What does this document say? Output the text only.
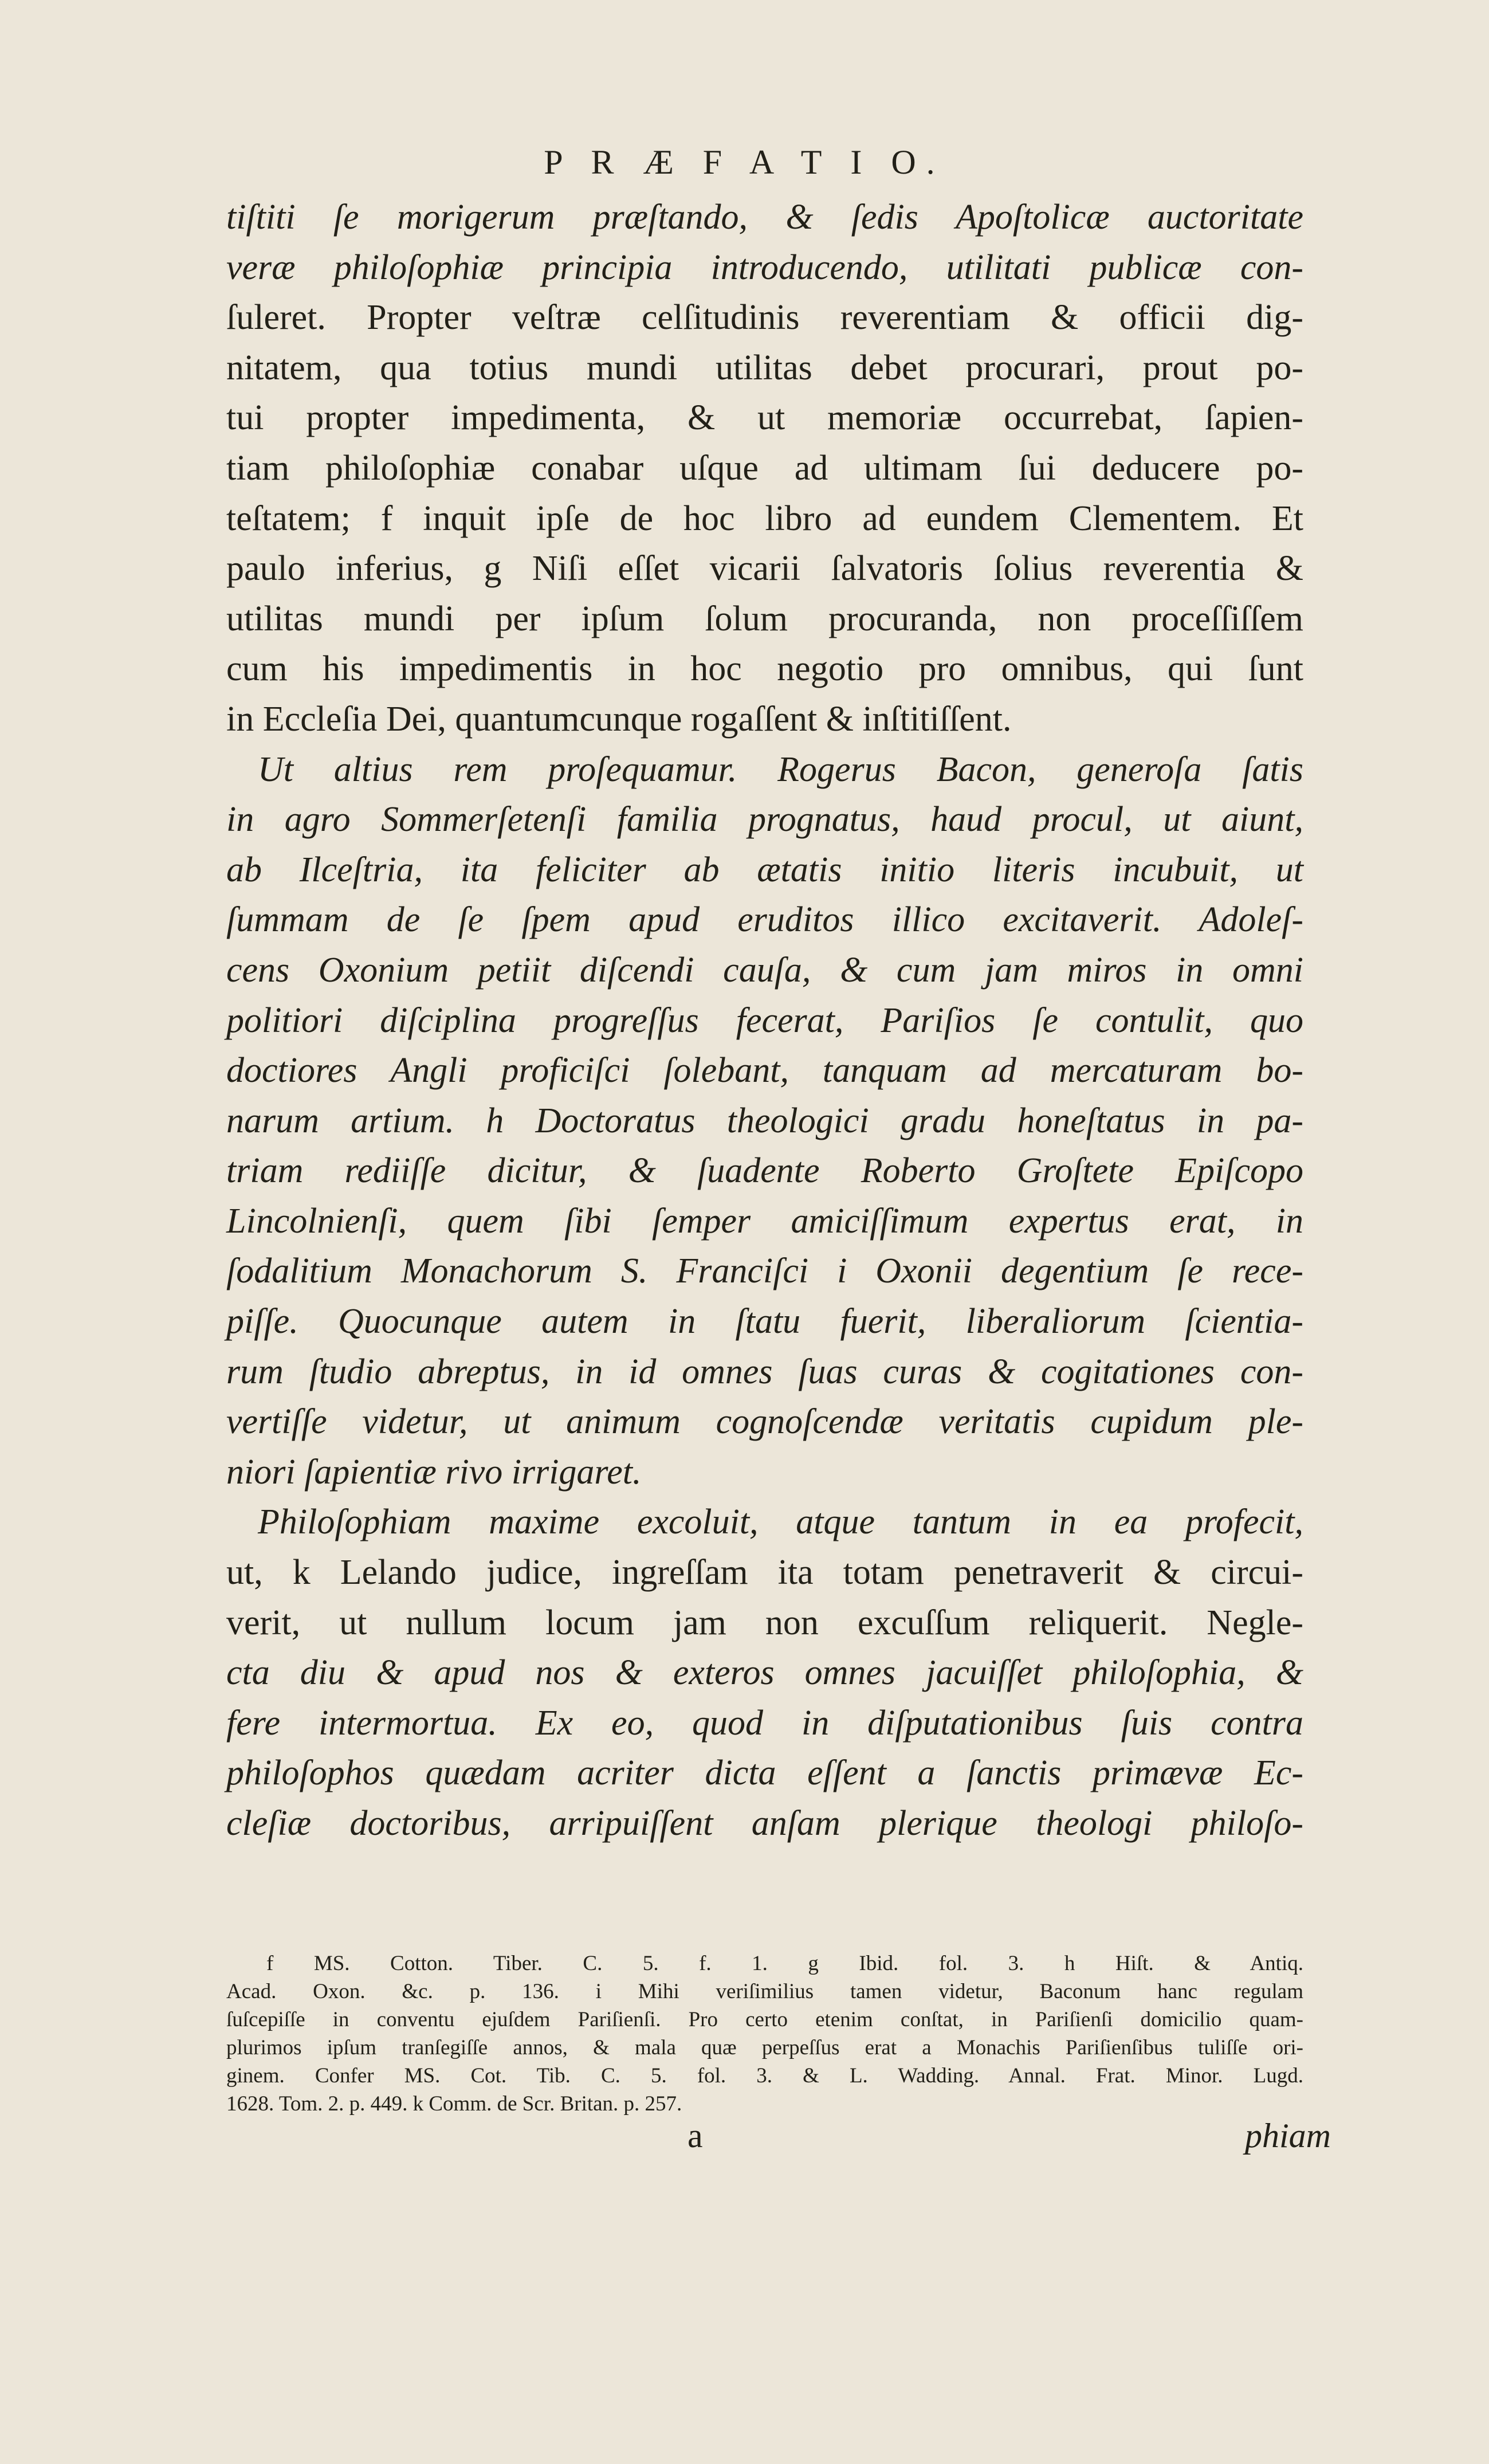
P R Æ F A T I O.
tiſtiti ſe morigerum præſtando, & ſedis Apoſtolicæ auctoritate
veræ philoſophiæ principia introducendo, utilitati publicæ con-
ſuleret. Propter veſtræ celſitudinis reverentiam & officii dig-
nitatem, qua totius mundi utilitas debet procurari, prout po-
tui propter impedimenta, & ut memoriæ occurrebat, ſapien-
tiam philoſophiæ conabar uſque ad ultimam ſui deducere po-
teſtatem; f inquit ipſe de hoc libro ad eundem Clementem. Et
paulo inferius, g Niſi eſſet vicarii ſalvatoris ſolius reverentia &
utilitas mundi per ipſum ſolum procuranda, non proceſſiſſem
cum his impedimentis in hoc negotio pro omnibus, qui ſunt
in Eccleſia Dei, quantumcunque rogaſſent & inſtitiſſent.
Ut altius rem proſequamur. Rogerus Bacon, generoſa ſatis
in agro Sommerſetenſi familia prognatus, haud procul, ut aiunt,
ab Ilceſtria, ita feliciter ab ætatis initio literis incubuit, ut
ſummam de ſe ſpem apud eruditos illico excitaverit. Adoleſ-
cens Oxonium petiit diſcendi cauſa, & cum jam miros in omni
politiori diſciplina progreſſus fecerat, Pariſios ſe contulit, quo
doctiores Angli proficiſci ſolebant, tanquam ad mercaturam bo-
narum artium. h Doctoratus theologici gradu honeſtatus in pa-
triam rediiſſe dicitur, & ſuadente Roberto Groſtete Epiſcopo
Lincolnienſi, quem ſibi ſemper amiciſſimum expertus erat, in
ſodalitium Monachorum S. Franciſci i Oxonii degentium ſe rece-
piſſe. Quocunque autem in ſtatu fuerit, liberaliorum ſcientia-
rum ſtudio abreptus, in id omnes ſuas curas & cogitationes con-
vertiſſe videtur, ut animum cognoſcendæ veritatis cupidum ple-
niori ſapientiæ rivo irrigaret.
Philoſophiam maxime excoluit, atque tantum in ea profecit,
ut, k Lelando judice, ingreſſam ita totam penetraverit & circui-
verit, ut nullum locum jam non excuſſum reliquerit. Negle-
cta diu & apud nos & exteros omnes jacuiſſet philoſophia, &
fere intermortua. Ex eo, quod in diſputationibus ſuis contra
philoſophos quædam acriter dicta eſſent a ſanctis primævæ Ec-
cleſiæ doctoribus, arripuiſſent anſam plerique theologi philoſo-
f MS. Cotton. Tiber. C. 5. f. 1. g Ibid. fol. 3. h Hiſt. & Antiq.
Acad. Oxon. &c. p. 136. i Mihi veriſimilius tamen videtur, Baconum hanc regulam
ſuſcepiſſe in conventu ejuſdem Pariſienſi. Pro certo etenim conſtat, in Pariſienſi domicilio quam-
plurimos ipſum tranſegiſſe annos, & mala quæ perpeſſus erat a Monachis Pariſienſibus tuliſſe ori-
ginem. Confer MS. Cot. Tib. C. 5. fol. 3. & L. Wadding. Annal. Frat. Minor. Lugd.
1628. Tom. 2. p. 449. k Comm. de Scr. Britan. p. 257.
a	phiam
